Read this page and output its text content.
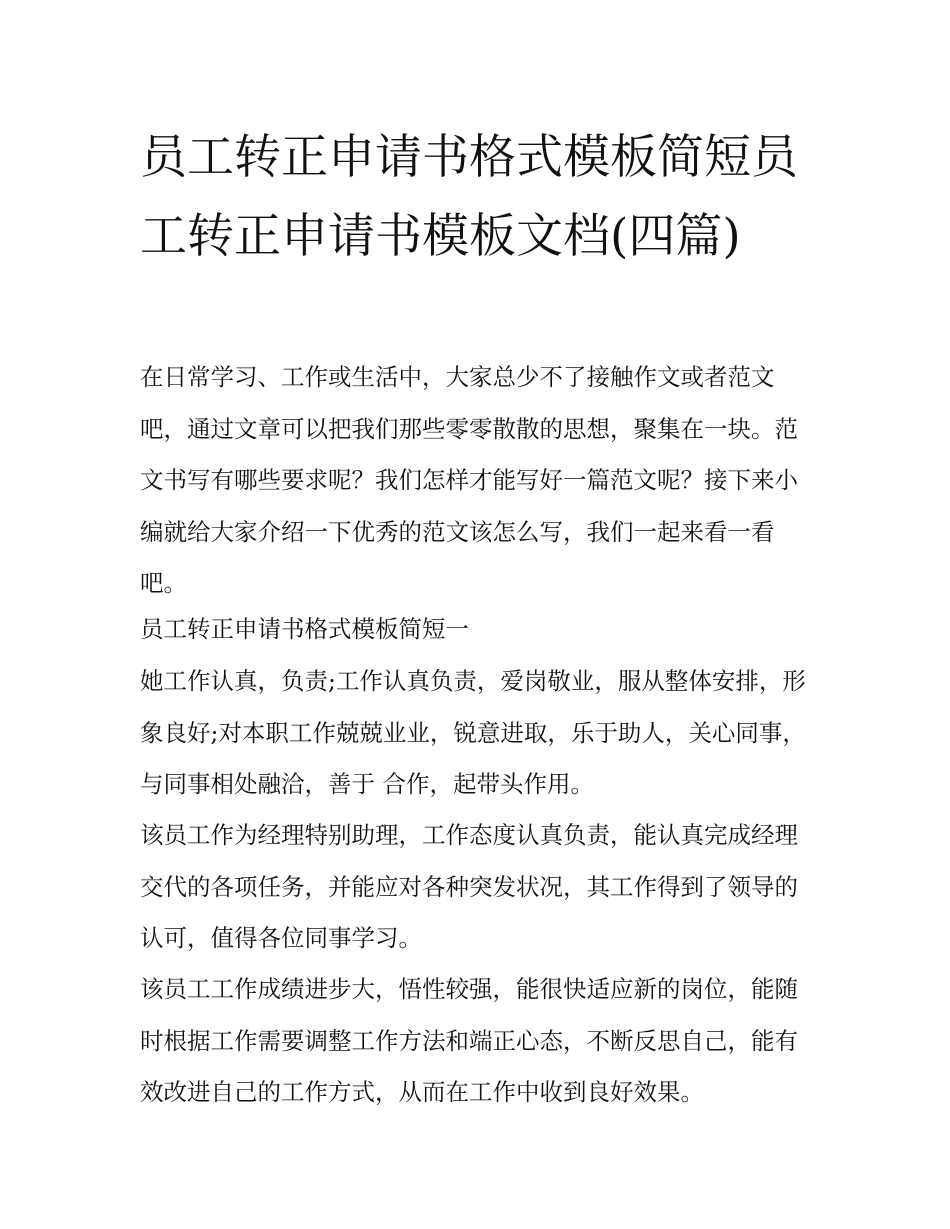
员工转正申请书格式模板简短员工转正申请书模板文档(四篇)

在日常学习、工作或生活中，大家总少不了接触作文或者范文吧，通过文章可以把我们那些零零散散的思想，聚集在一块。范文书写有哪些要求呢？我们怎样才能写好一篇范文呢？接下来小编就给大家介绍一下优秀的范文该怎么写，我们一起来看一看吧。

员工转正申请书格式模板简短一

她工作认真，负责;工作认真负责，爱岗敬业，服从整体安排，形象良好;对本职工作兢兢业业，锐意进取，乐于助人，关心同事，与同事相处融洽，善于 合作，起带头作用。

该员工作为经理特别助理，工作态度认真负责，能认真完成经理交代的各项任务，并能应对各种突发状况，其工作得到了领导的认可，值得各位同事学习。

该员工工作成绩进步大，悟性较强，能很快适应新的岗位，能随时根据工作需要调整工作方法和端正心态，不断反思自己，能有效改进自己的工作方式，从而在工作中收到良好效果。
